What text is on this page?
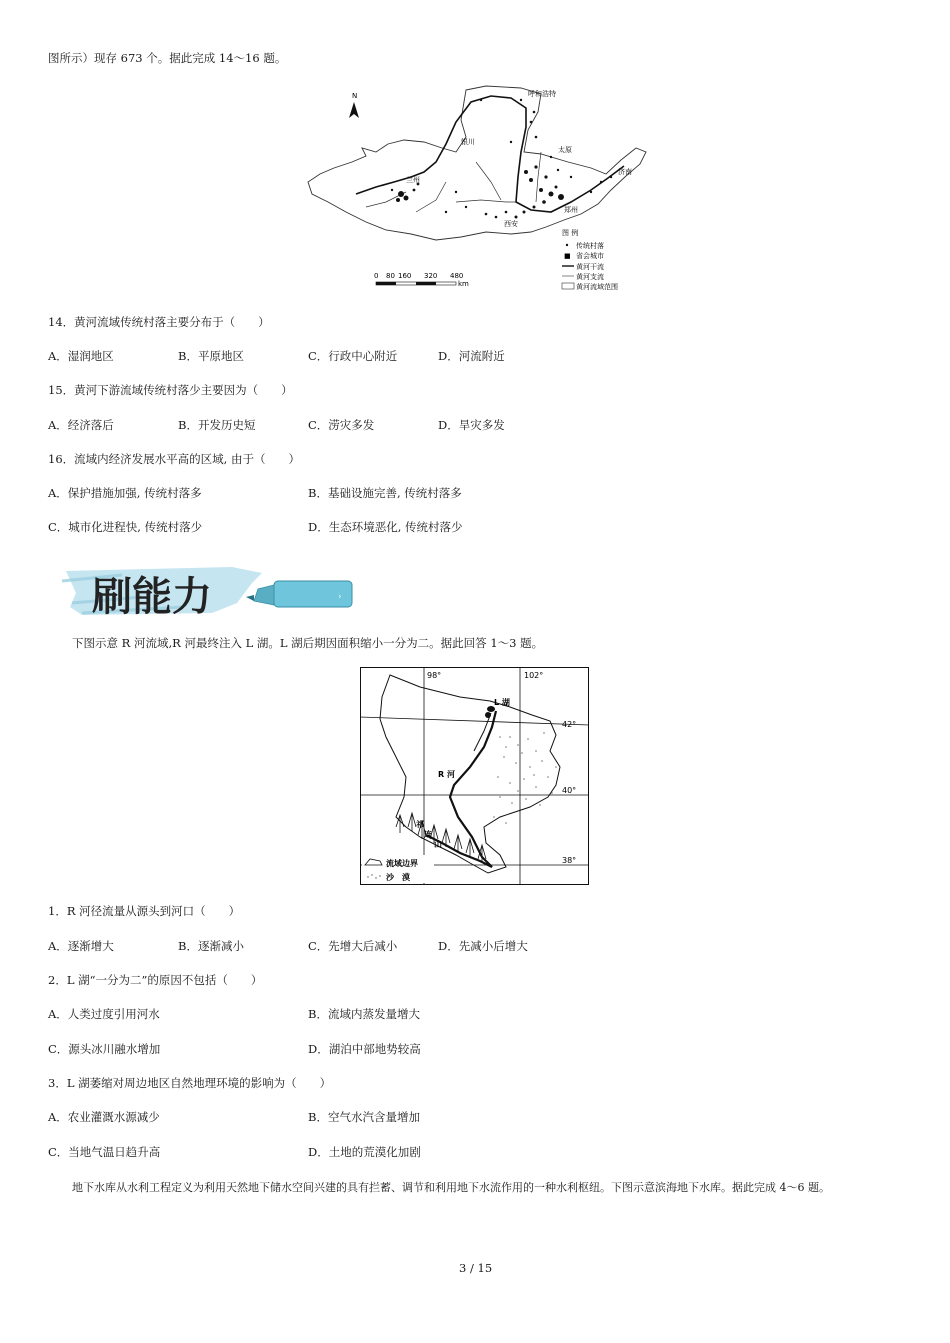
图所示）现存 673 个。据此完成 14～16 题。
N	呼和浩特
银川
太原
济南
郑州
西安
兰州
图 例
传统村落
■ 省会城市
黄河干流
黄河支流
黄河流域范围
0 80 160 320 480
km
14．黄河流域传统村落主要分布于（　　）
A．湿润地区	B．平原地区	C．行政中心附近	D．河流附近
15．黄河下游流域传统村落少主要因为（　　）
A．经济落后	B．开发历史短	C．涝灾多发	D．旱灾多发
16．流域内经济发展水平高的区域, 由于（　　）
A．保护措施加强, 传统村落多	B．基础设施完善, 传统村落多
C．城市化进程快, 传统村落少	D．生态环境恶化, 传统村落少
›
刷能力
下图示意 R 河流域,R 河最终注入 L 湖。L 湖后期因面积缩小一分为二。据此回答 1～3 题。
98°	102°
42°
40°
38°
L 湖
R 河
祁
连
山
流域边界
沙　漠
1．R 河径流量从源头到河口（　　）
A．逐渐增大	B．逐渐减小	C．先增大后减小	D．先减小后增大
2．L 湖“一分为二”的原因不包括（　　）
A．人类过度引用河水	B．流域内蒸发量增大
C．源头冰川融水增加	D．湖泊中部地势较高
3．L 湖萎缩对周边地区自然地理环境的影响为（　　）
A．农业灌溉水源减少	B．空气水汽含量增加
C．当地气温日趋升高	D．土地的荒漠化加剧
地下水库从水利工程定义为利用天然地下储水空间兴建的具有拦蓄、调节和利用地下水流作用的一种水利枢纽。下图示意滨海地下水库。据此完成 4～6 题。
3 / 15
